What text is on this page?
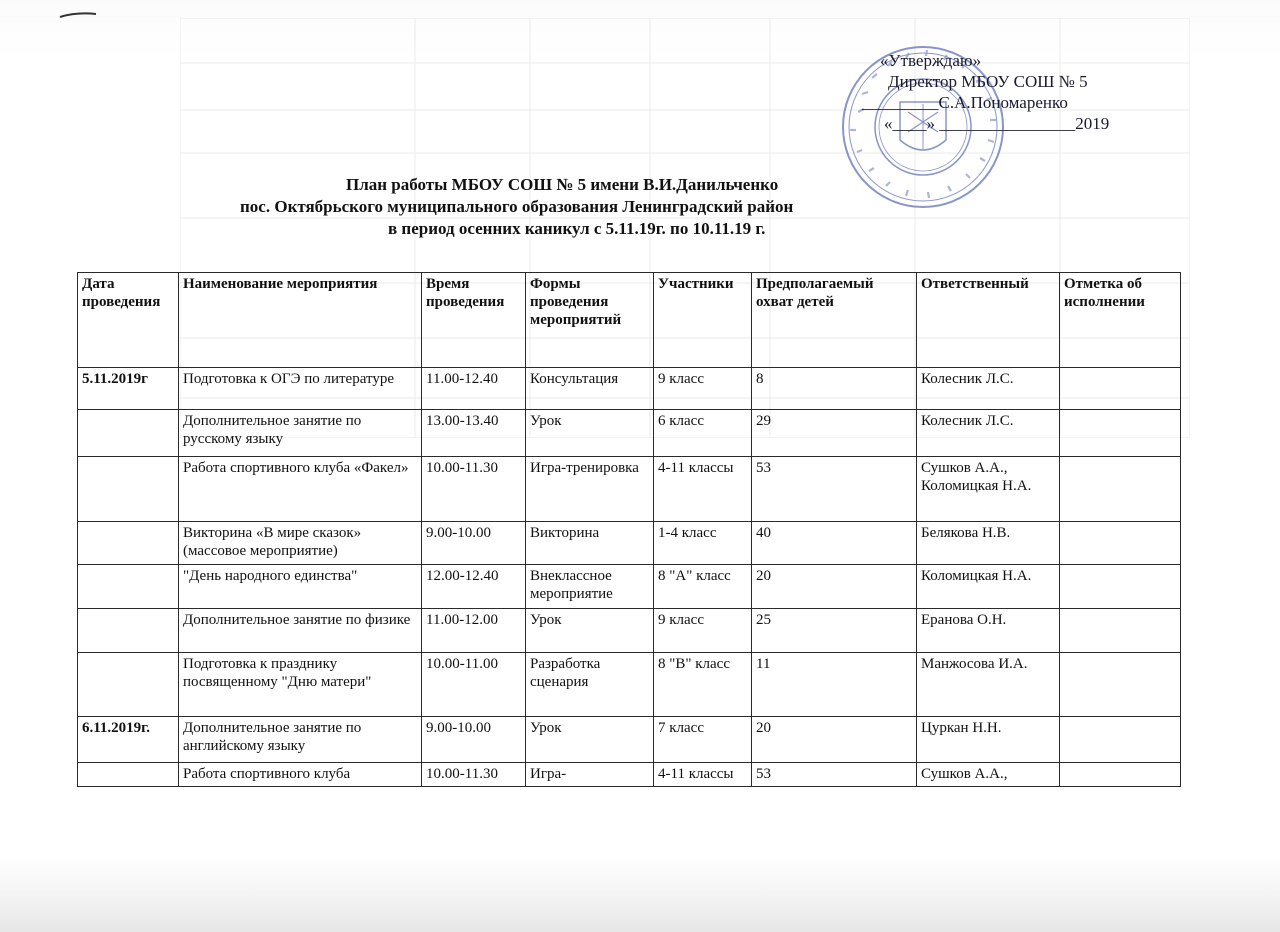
«Утверждаю»
Директор МБОУ СОШ № 5
_________С.А.Пономаренко
«____» ________________2019
План работы МБОУ СОШ № 5 имени В.И.Данильченко
пос. Октябрьского муниципального образования Ленинградский район
в период осенних каникул с 5.11.19г. по 10.11.19 г.
Дата проведения	Наименование мероприятия	Время проведения	Формы проведения мероприятий	Участники	Предполагаемый охват детей	Ответственный	Отметка об исполнении
5.11.2019г	Подготовка к ОГЭ по литературе	11.00-12.40	Консультация	9 класс	8	Колесник Л.С.	
	Дополнительное занятие по русскому языку	13.00-13.40	Урок	6 класс	29	Колесник Л.С.	
	Работа спортивного клуба «Факел»	10.00-11.30	Игра-тренировка	4-11 классы	53	Сушков А.А., Коломицкая Н.А.	
	Викторина «В мире сказок» (массовое мероприятие)	9.00-10.00	Викторина	1-4 класс	40	Белякова Н.В.	
	"День народного единства"	12.00-12.40	Внеклассное мероприятие	8 "А" класс	20	Коломицкая Н.А.	
	Дополнительное занятие по физике	11.00-12.00	Урок	9 класс	25	Еранова О.Н.	
	Подготовка к празднику посвященному "Дню матери"	10.00-11.00	Разработка сценария	8 "В" класс	11	Манжосова И.А.	
6.11.2019г.	Дополнительное занятие по английскому языку	9.00-10.00	Урок	7 класс	20	Цуркан Н.Н.	
	Работа спортивного клуба	10.00-11.30	Игра-	4-11 классы	53	Сушков А.А.,	
